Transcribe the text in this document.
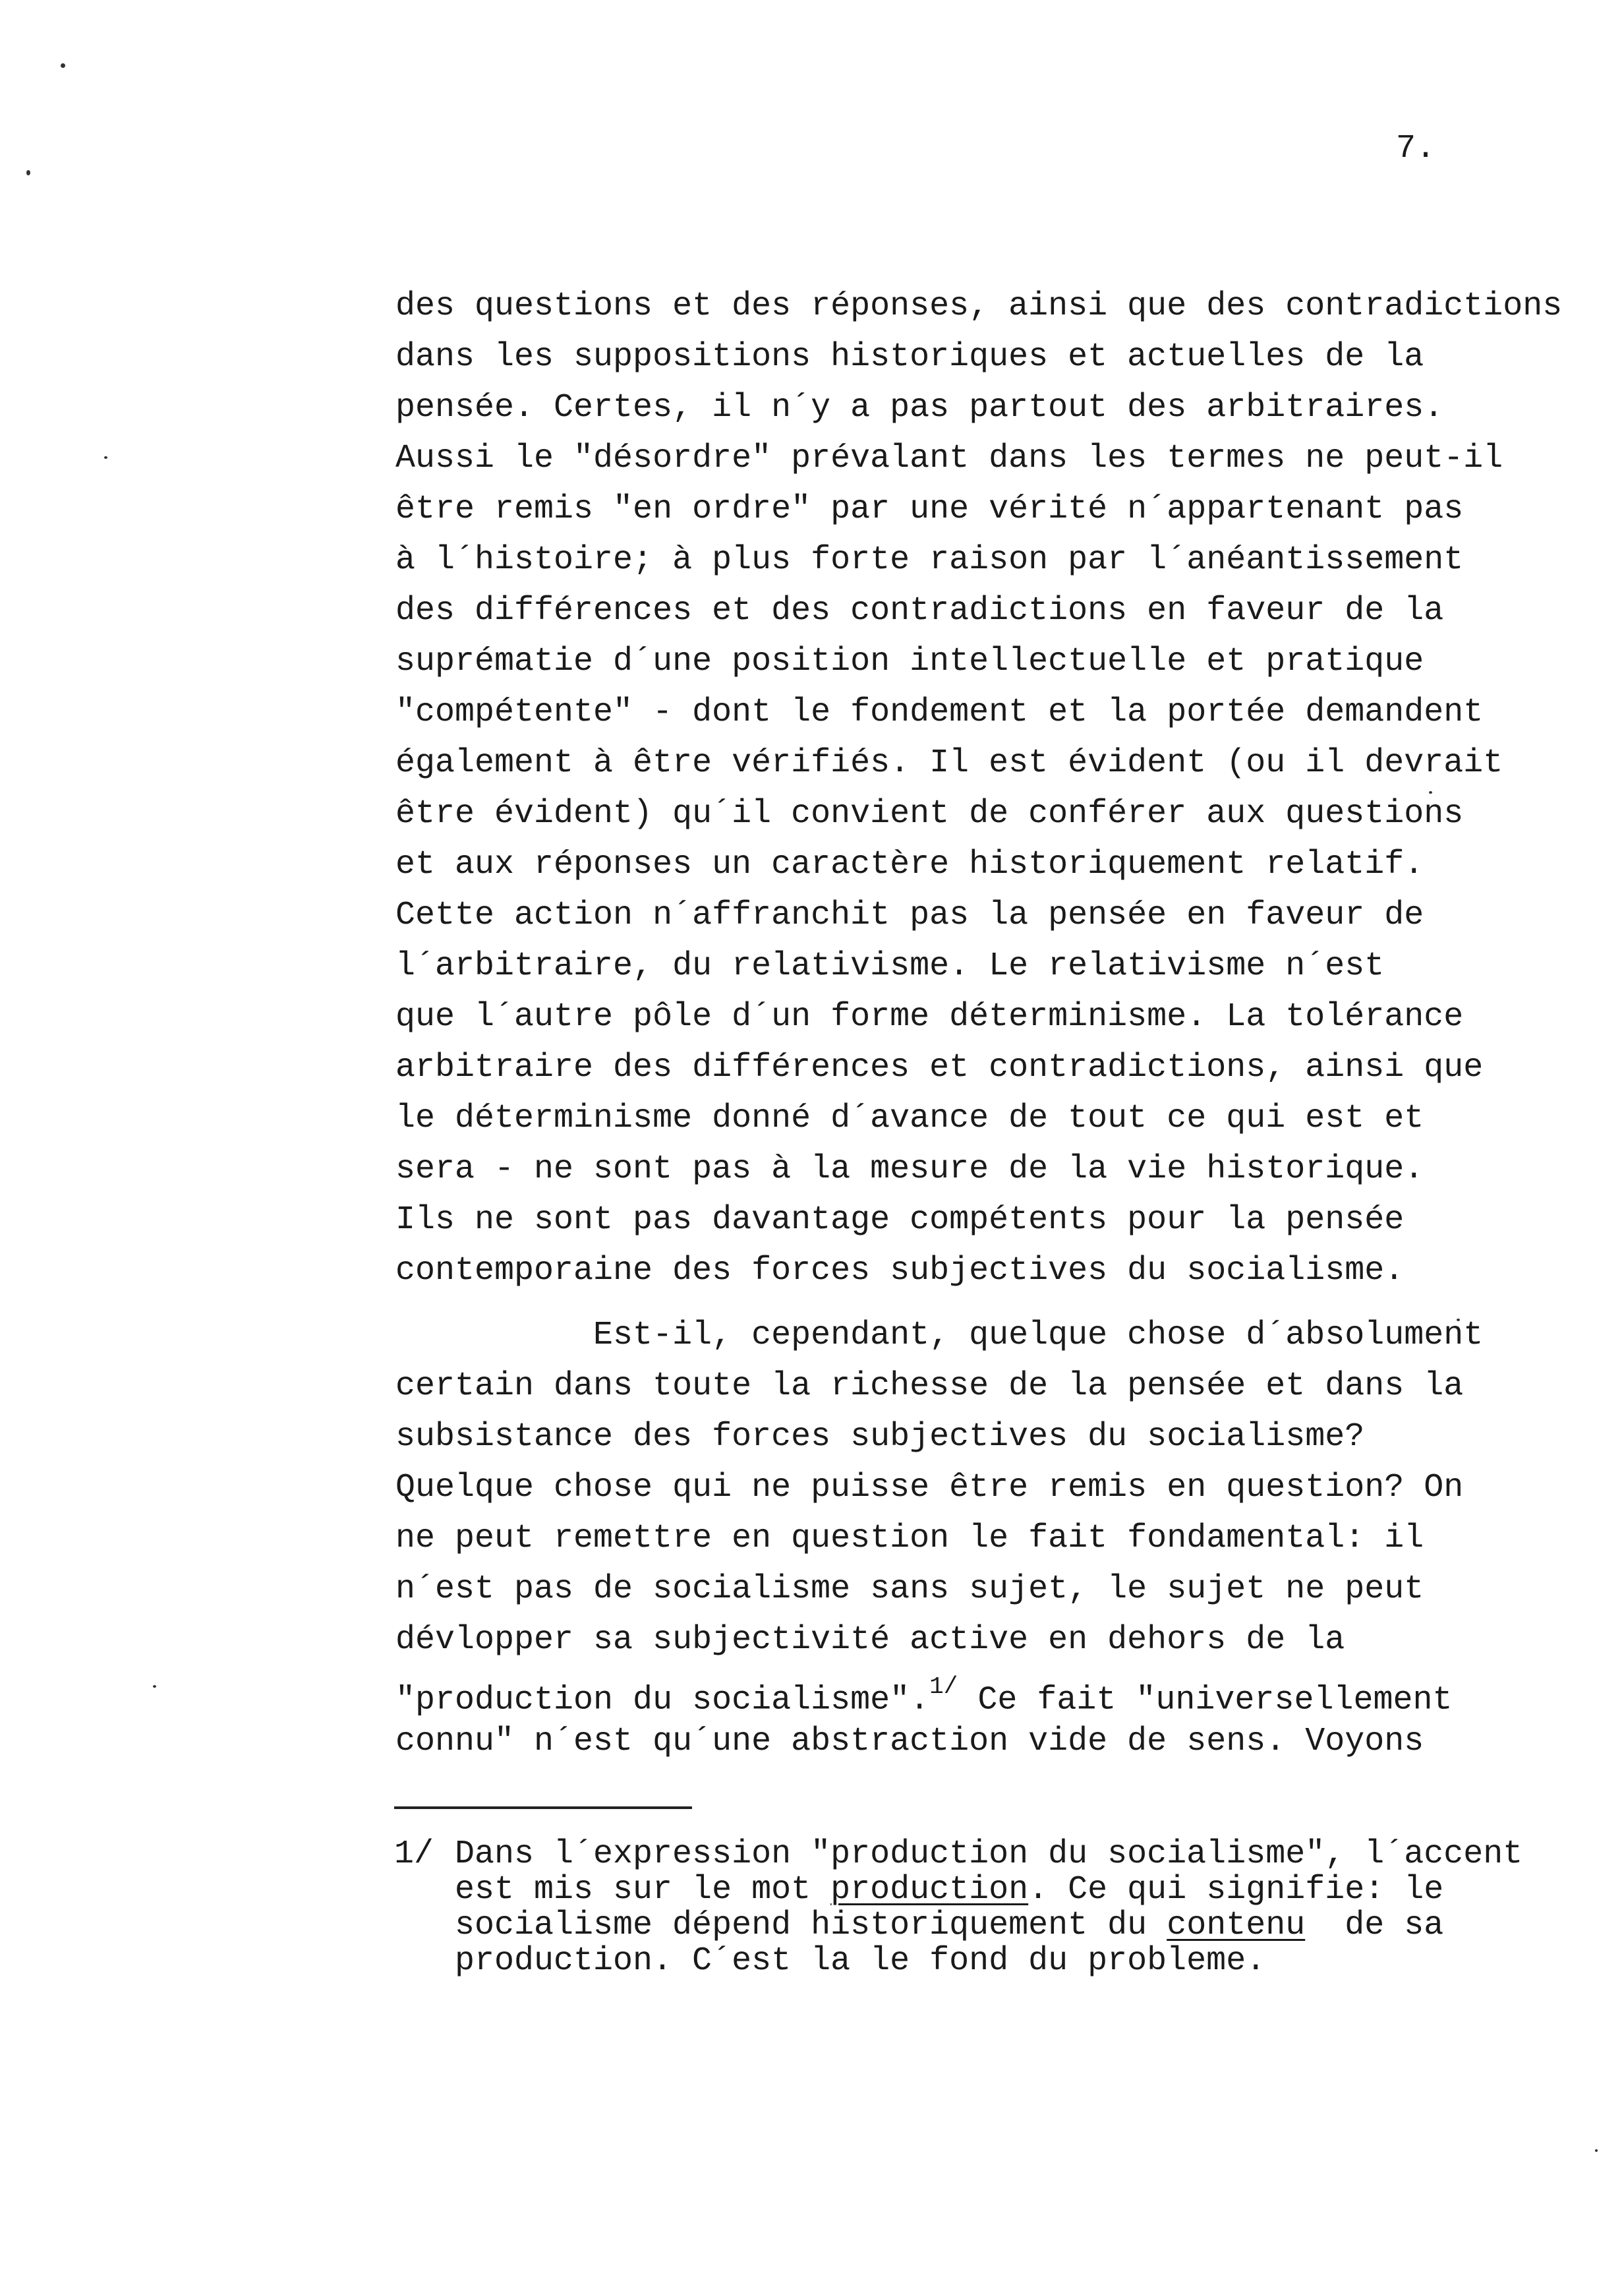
7.
des questions et des réponses, ainsi que des contradictions
dans les suppositions historiques et actuelles de la
pensée. Certes, il n´y a pas partout des arbitraires.
Aussi le "désordre" prévalant dans les termes ne peut-il
être remis "en ordre" par une vérité n´appartenant pas
à l´histoire; à plus forte raison par l´anéantissement
des différences et des contradictions en faveur de la
suprématie d´une position intellectuelle et pratique
"compétente" - dont le fondement et la portée demandent
également à être vérifiés. Il est évident (ou il devrait
être évident) qu´il convient de conférer aux questions
et aux réponses un caractère historiquement relatif.
Cette action n´affranchit pas la pensée en faveur de
l´arbitraire, du relativisme. Le relativisme n´est
que l´autre pôle d´un forme déterminisme. La tolérance
arbitraire des différences et contradictions, ainsi que
le déterminisme donné d´avance de tout ce qui est et
sera - ne sont pas à la mesure de la vie historique.
Ils ne sont pas davantage compétents pour la pensée
contemporaine des forces subjectives du socialisme.
Est-il, cependant, quelque chose d´absolument
certain dans toute la richesse de la pensée et dans la
subsistance des forces subjectives du socialisme?
Quelque chose qui ne puisse être remis en question? On
ne peut remettre en question le fait fondamental: il
n´est pas de socialisme sans sujet, le sujet ne peut
dévlopper sa subjectivité active en dehors de la
"production du socialisme".$^{1/}$ Ce fait "universellement
connu" n´est qu´une abstraction vide de sens. Voyons
1/ Dans l´expression "production du socialisme", l´accent
est mis sur le mot production. Ce qui signifie: le
socialisme dépend historiquement du contenu  de sa
production. C´est la le fond du probleme.
